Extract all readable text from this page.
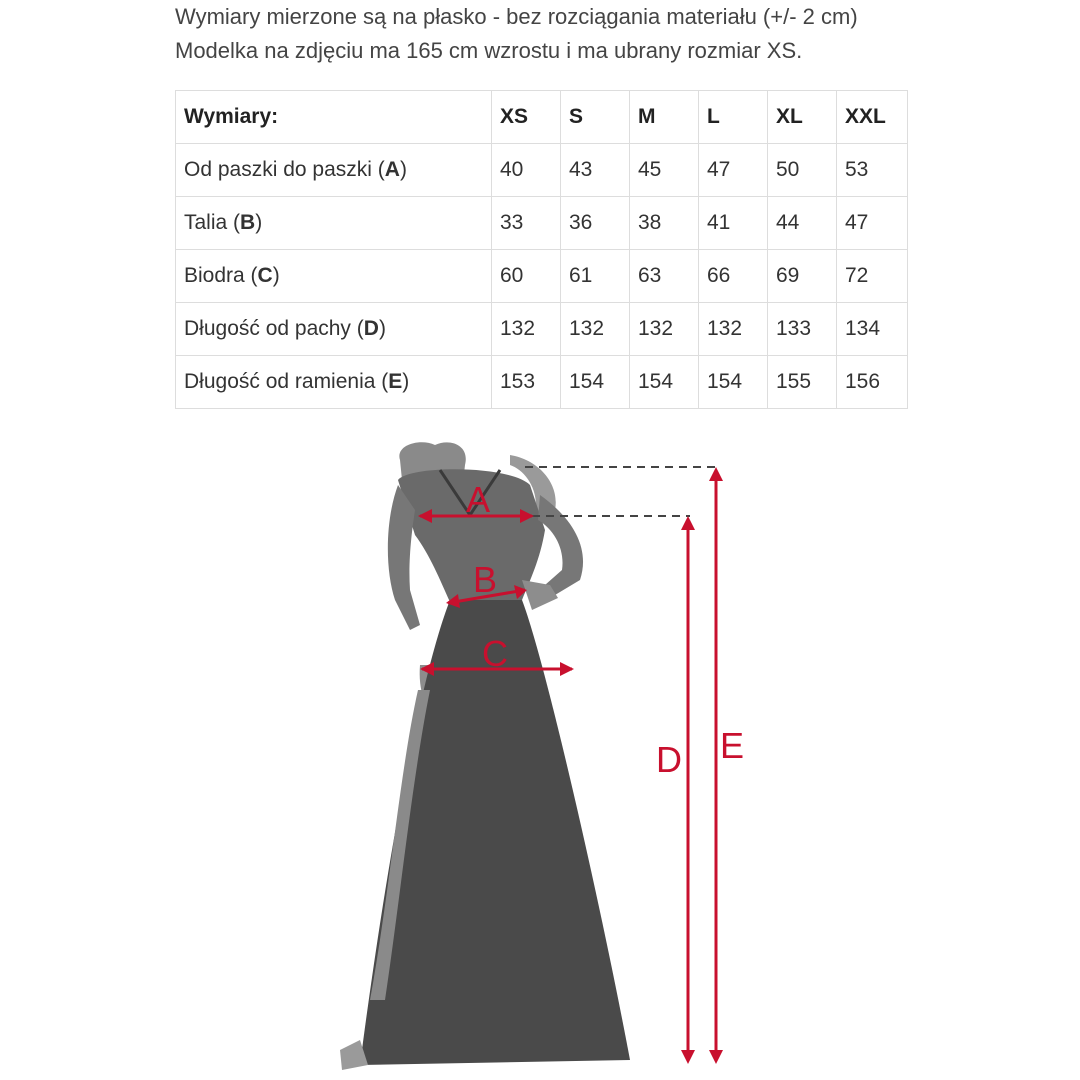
Wymiary mierzone są na płasko - bez rozciągania materiału (+/- 2 cm)

Modelka na zdjęciu ma 165 cm wzrostu i ma ubrany rozmiar XS.

Wymiary:	XS	S	M	L	XL	XXL
Od paszki do paszki (A)	40	43	45	47	50	53
Talia (B)	33	36	38	41	44	47
Biodra (C)	60	61	63	66	69	72
Długość od pachy (D)	132	132	132	132	133	134
Długość od ramienia (E)	153	154	154	154	155	156
A
B
C
D E
